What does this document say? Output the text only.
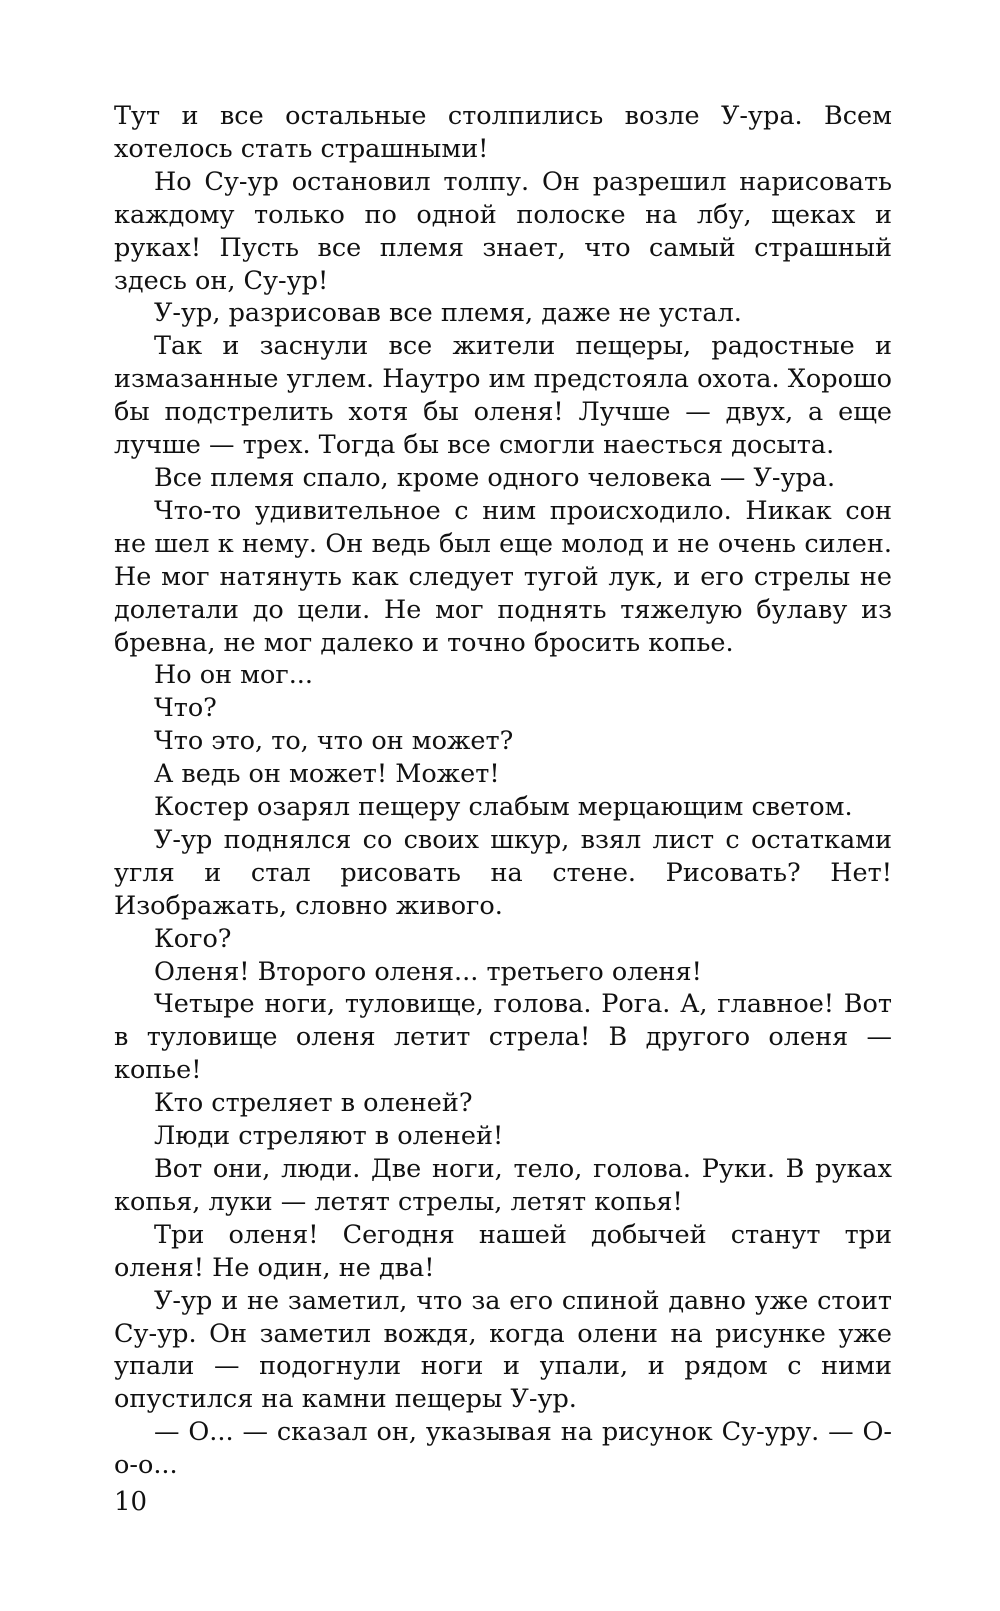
Тут и все остальные столпились возле У-ура. Всем хотелось стать страшными!

Но Су-ур остановил толпу. Он разрешил нарисовать каждому только по одной полоске на лбу, щеках и руках! Пусть все племя знает, что самый страшный здесь он, Су-ур!

У-ур, разрисовав все племя, даже не устал.

Так и заснули все жители пещеры, радостные и измазанные углем. Наутро им предстояла охота. Хорошо бы подстрелить хотя бы оленя! Лучше — двух, а еще лучше — трех. Тогда бы все смогли наесться досыта.

Все племя спало, кроме одного человека — У-ура.

Что-то удивительное с ним происходило. Никак сон не шел к нему. Он ведь был еще молод и не очень силен. Не мог натянуть как следует тугой лук, и его стрелы не долетали до цели. Не мог поднять тяжелую булаву из бревна, не мог далеко и точно бросить копье.

Но он мог...

Что?

Что это, то, что он может?

А ведь он может! Может!

Костер озарял пещеру слабым мерцающим светом.

У-ур поднялся со своих шкур, взял лист с остатками угля и стал рисовать на стене. Рисовать? Нет! Изображать, словно живого.

Кого?

Оленя! Второго оленя... третьего оленя!

Четыре ноги, туловище, голова. Рога. А, главное! Вот в туловище оленя летит стрела! В другого оленя — копье!

Кто стреляет в оленей?

Люди стреляют в оленей!

Вот они, люди. Две ноги, тело, голова. Руки. В руках копья, луки — летят стрелы, летят копья!

Три оленя! Сегодня нашей добычей станут три оленя! Не один, не два!

У-ур и не заметил, что за его спиной давно уже стоит Су-ур. Он заметил вождя, когда олени на рисунке уже упали — подогнули ноги и упали, и рядом с ними опустился на камни пещеры У-ур.

— О... — сказал он, указывая на рисунок Су-уру. — О-о-о...

10
